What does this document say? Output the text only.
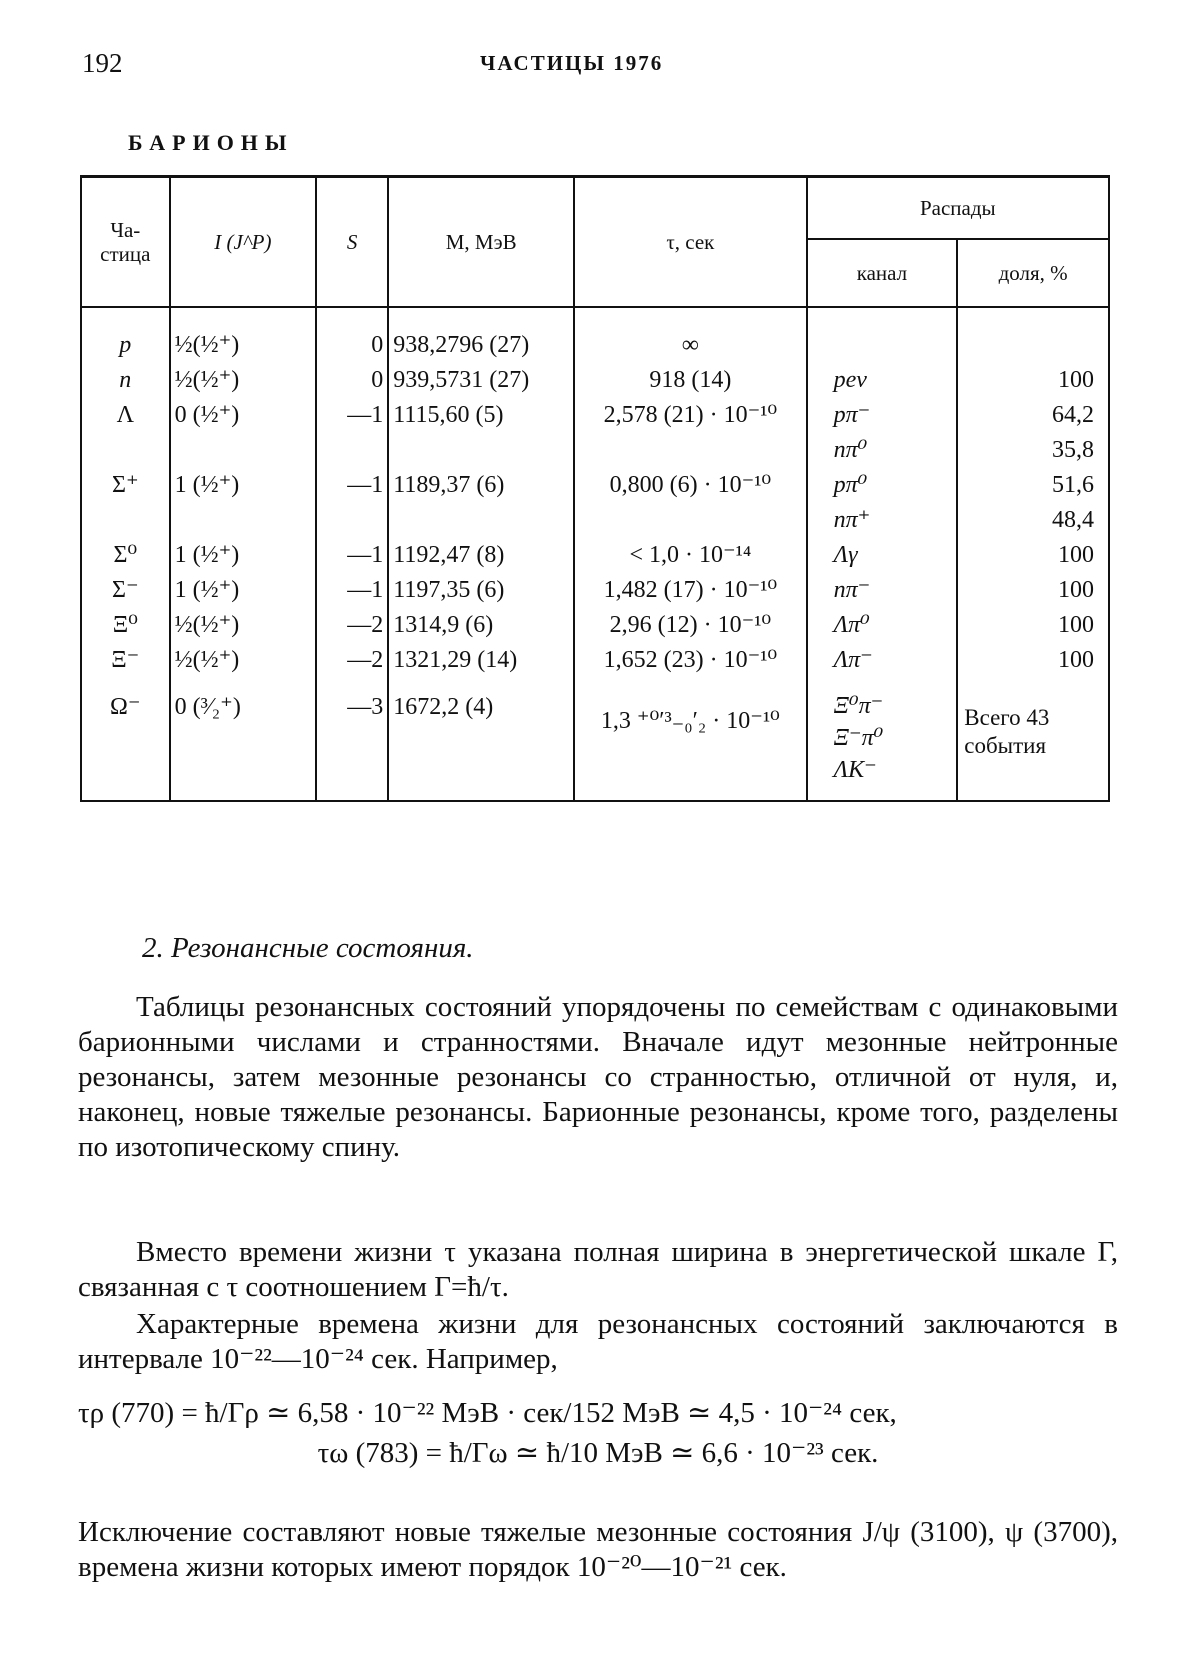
192	ЧАСТИЦЫ 1976
БАРИОНЫ
Ча-
стица	I (J^P)	S	M, МэВ	τ, сек	Распады
канал	доля, %
p	½(½⁺)	0	938,2796 (27)	∞		
n	½(½⁺)	0	939,5731 (27)	918 (14)	peν	100
Λ	0 (½⁺)	—1	1115,60 (5)	2,578 (21) · 10⁻¹⁰	pπ⁻	64,2
					nπ⁰	35,8
Σ⁺	1 (½⁺)	—1	1189,37 (6)	0,800 (6) · 10⁻¹⁰	pπ⁰	51,6
					nπ⁺	48,4
Σ⁰	1 (½⁺)	—1	1192,47 (8)	< 1,0 · 10⁻¹⁴	Λγ	100
Σ⁻	1 (½⁺)	—1	1197,35 (6)	1,482 (17) · 10⁻¹⁰	nπ⁻	100
Ξ⁰	½(½⁺)	—2	1314,9 (6)	2,96 (12) · 10⁻¹⁰	Λπ⁰	100
Ξ⁻	½(½⁺)	—2	1321,29 (14)	1,652 (23) · 10⁻¹⁰	Λπ⁻	100
Ω⁻	0 (³⁄₂⁺)	—3	1672,2 (4)	1,3 ⁺⁰′³₋₀′₂ · 10⁻¹⁰	
Ξ⁰π⁻
Ξ⁻π⁰
ΛK⁻
	Всего 43 события
2. Резонансные состояния.

Таблицы резонансных состояний упорядочены по семействам с одинаковыми барионными числами и странностями. Вначале идут мезонные нейтронные резонансы, затем мезонные резонансы со странностью, отличной от нуля, и, наконец, новые тяжелые резонансы. Барионные резонансы, кроме того, разделены по изотопическому спину.

Вместо времени жизни τ указана полная ширина в энергетической шкале Γ, связанная с τ соотношением Γ=ħ/τ.

Характерные времена жизни для резонансных состояний заключаются в интервале 10⁻²²—10⁻²⁴ сек. Например,

τρ (770) = ħ/Γρ ≃ 6,58 · 10⁻²² МэВ · сек/152 МэВ ≃ 4,5 · 10⁻²⁴ сек,
τω (783) = ħ/Γω ≃ ħ/10 МэВ ≃ 6,6 · 10⁻²³ сек.

Исключение составляют новые тяжелые мезонные состояния J/ψ (3100), ψ (3700), времена жизни которых имеют порядок 10⁻²⁰—10⁻²¹ сек.
